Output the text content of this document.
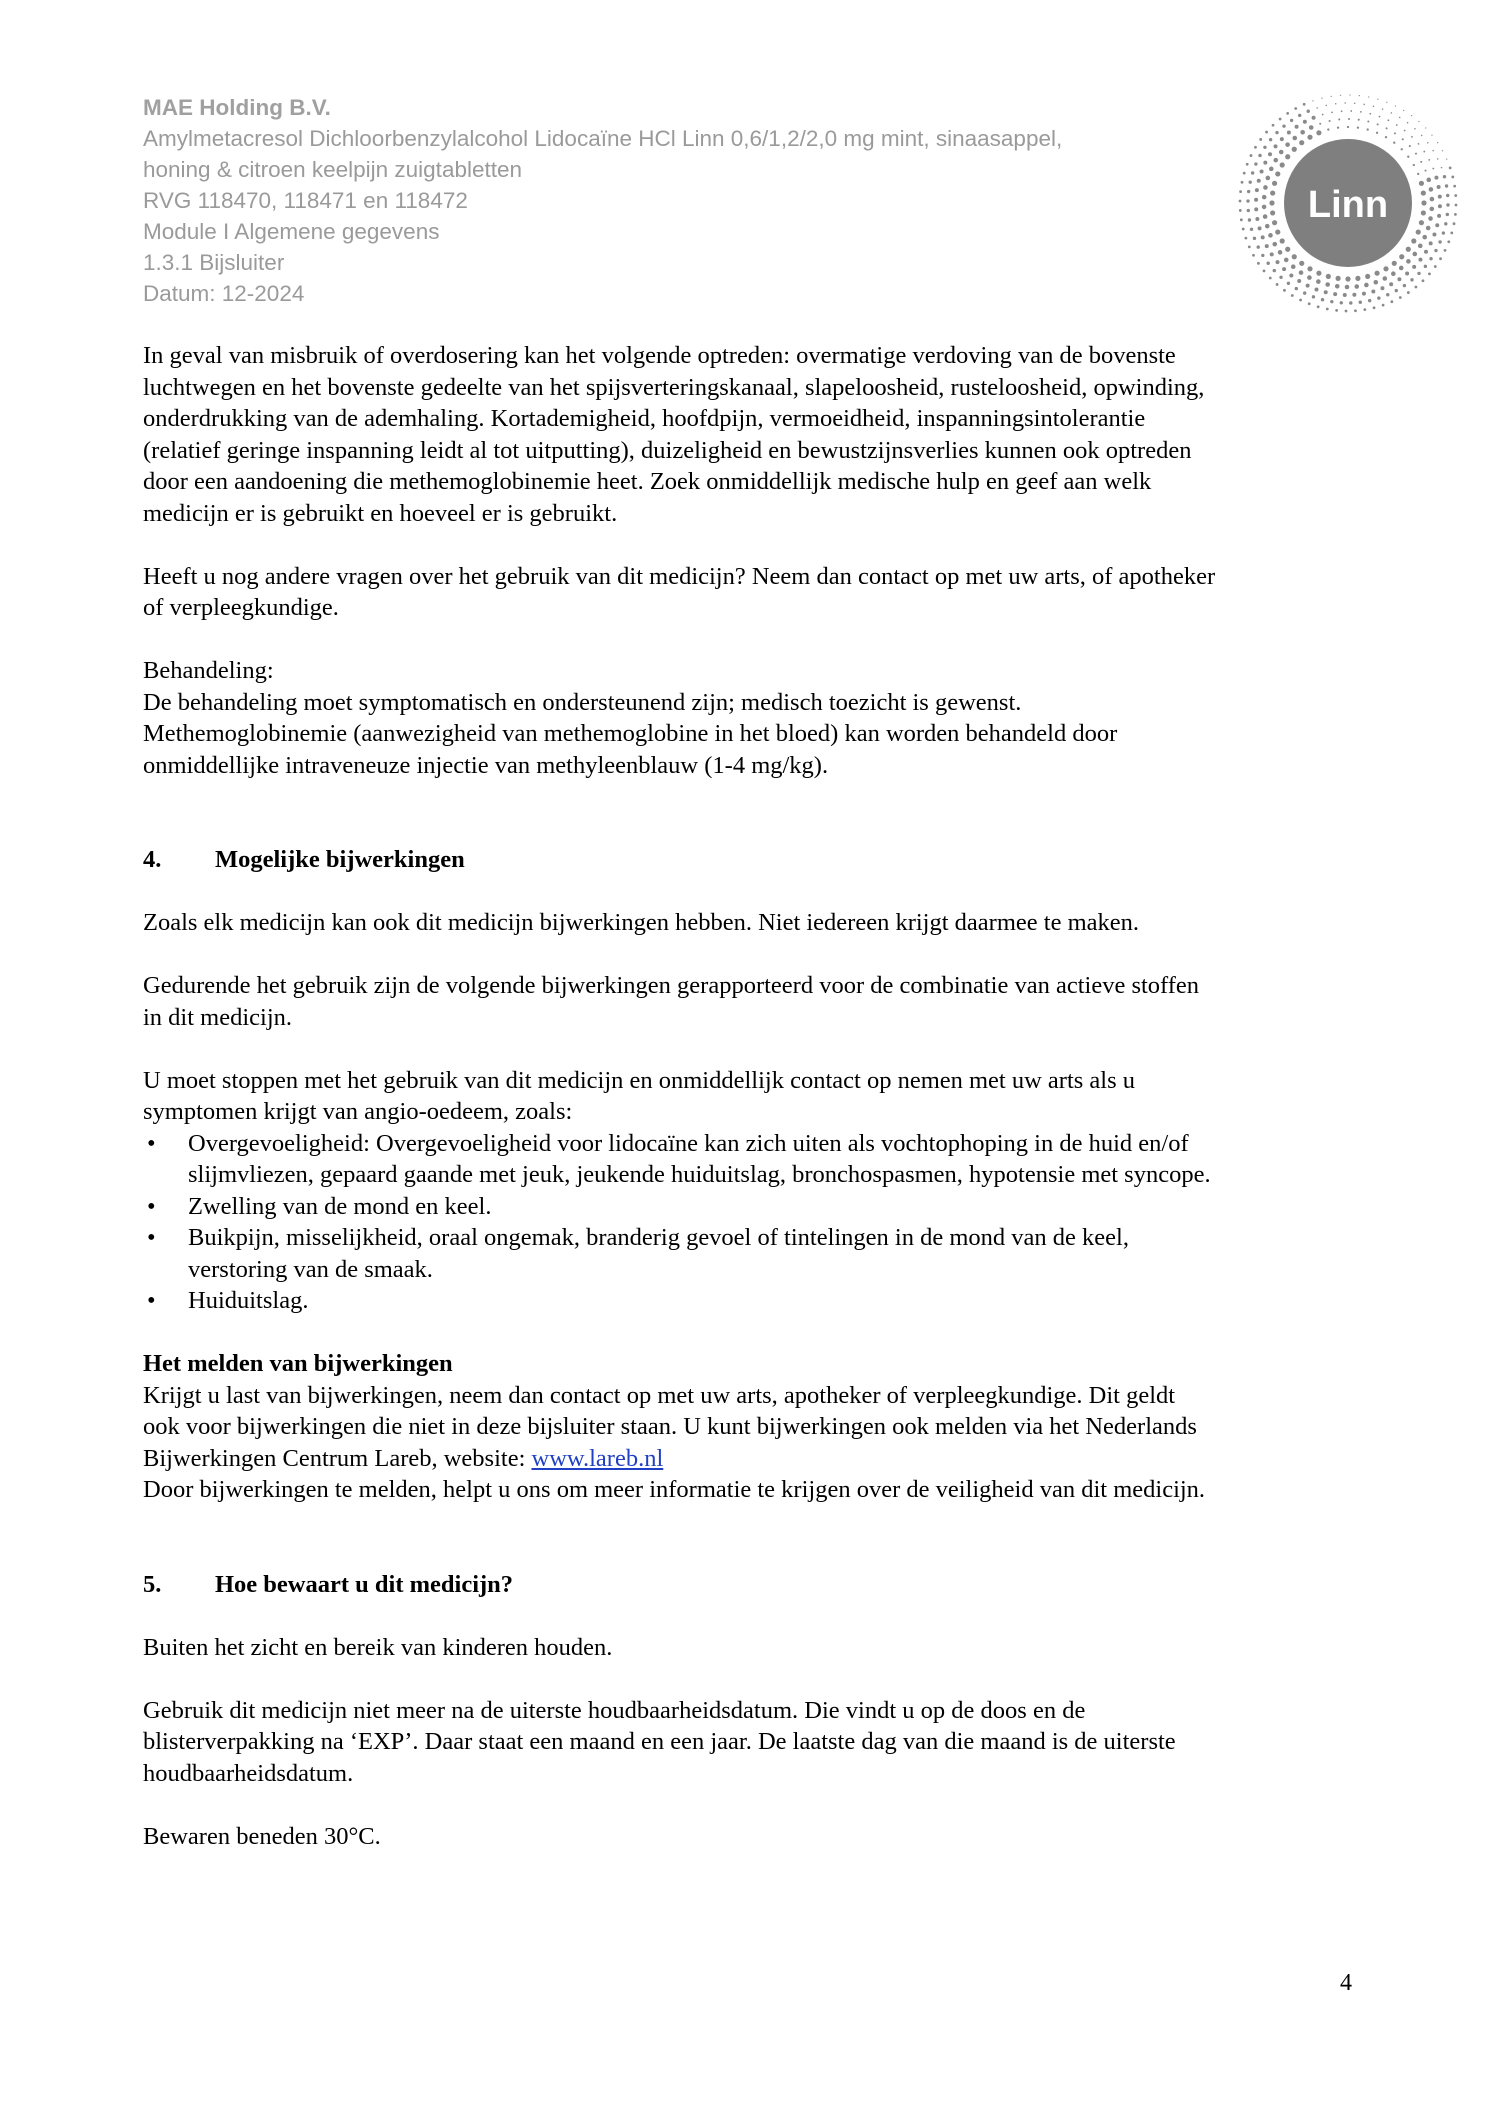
MAE Holding B.V.
Amylmetacresol Dichloorbenzylalcohol Lidocaïne HCl Linn 0,6/1,2/2,0 mg mint, sinaasappel,
honing & citroen keelpijn zuigtabletten
RVG 118470, 118471 en 118472
Module I Algemene gegevens
1.3.1 Bijsluiter
Datum: 12-2024
Linn

In geval van misbruik of overdosering kan het volgende optreden: overmatige verdoving van de bovenste
luchtwegen en het bovenste gedeelte van het spijsverteringskanaal, slapeloosheid, rusteloosheid, opwinding,
onderdrukking van de ademhaling. Kortademigheid, hoofdpijn, vermoeidheid, inspanningsintolerantie
(relatief geringe inspanning leidt al tot uitputting), duizeligheid en bewustzijnsverlies kunnen ook optreden
door een aandoening die methemoglobinemie heet. Zoek onmiddellijk medische hulp en geef aan welk
medicijn er is gebruikt en hoeveel er is gebruikt.

Heeft u nog andere vragen over het gebruik van dit medicijn? Neem dan contact op met uw arts, of apotheker
of verpleegkundige.

Behandeling:
De behandeling moet symptomatisch en ondersteunend zijn; medisch toezicht is gewenst.
Methemoglobinemie (aanwezigheid van methemoglobine in het bloed) kan worden behandeld door
onmiddellijke intraveneuze injectie van methyleenblauw (1-4 mg/kg).

4. Mogelijke bijwerkingen

Zoals elk medicijn kan ook dit medicijn bijwerkingen hebben. Niet iedereen krijgt daarmee te maken.

Gedurende het gebruik zijn de volgende bijwerkingen gerapporteerd voor de combinatie van actieve stoffen
in dit medicijn.

U moet stoppen met het gebruik van dit medicijn en onmiddellijk contact op nemen met uw arts als u
symptomen krijgt van angio-oedeem, zoals:

• Overgevoeligheid: Overgevoeligheid voor lidocaïne kan zich uiten als vochtophoping in de huid en/of
slijmvliezen, gepaard gaande met jeuk, jeukende huiduitslag, bronchospasmen, hypotensie met syncope.
• Zwelling van de mond en keel.
• Buikpijn, misselijkheid, oraal ongemak, branderig gevoel of tintelingen in de mond van de keel,
verstoring van de smaak.
• Huiduitslag.
Het melden van bijwerkingen

Krijgt u last van bijwerkingen, neem dan contact op met uw arts, apotheker of verpleegkundige. Dit geldt
ook voor bijwerkingen die niet in deze bijsluiter staan. U kunt bijwerkingen ook melden via het Nederlands
Bijwerkingen Centrum Lareb, website: www.lareb.nl
Door bijwerkingen te melden, helpt u ons om meer informatie te krijgen over de veiligheid van dit medicijn.

5. Hoe bewaart u dit medicijn?

Buiten het zicht en bereik van kinderen houden.

Gebruik dit medicijn niet meer na de uiterste houdbaarheidsdatum. Die vindt u op de doos en de
blisterverpakking na ‘EXP’. Daar staat een maand en een jaar. De laatste dag van die maand is de uiterste
houdbaarheidsdatum.

Bewaren beneden 30°C.

4
